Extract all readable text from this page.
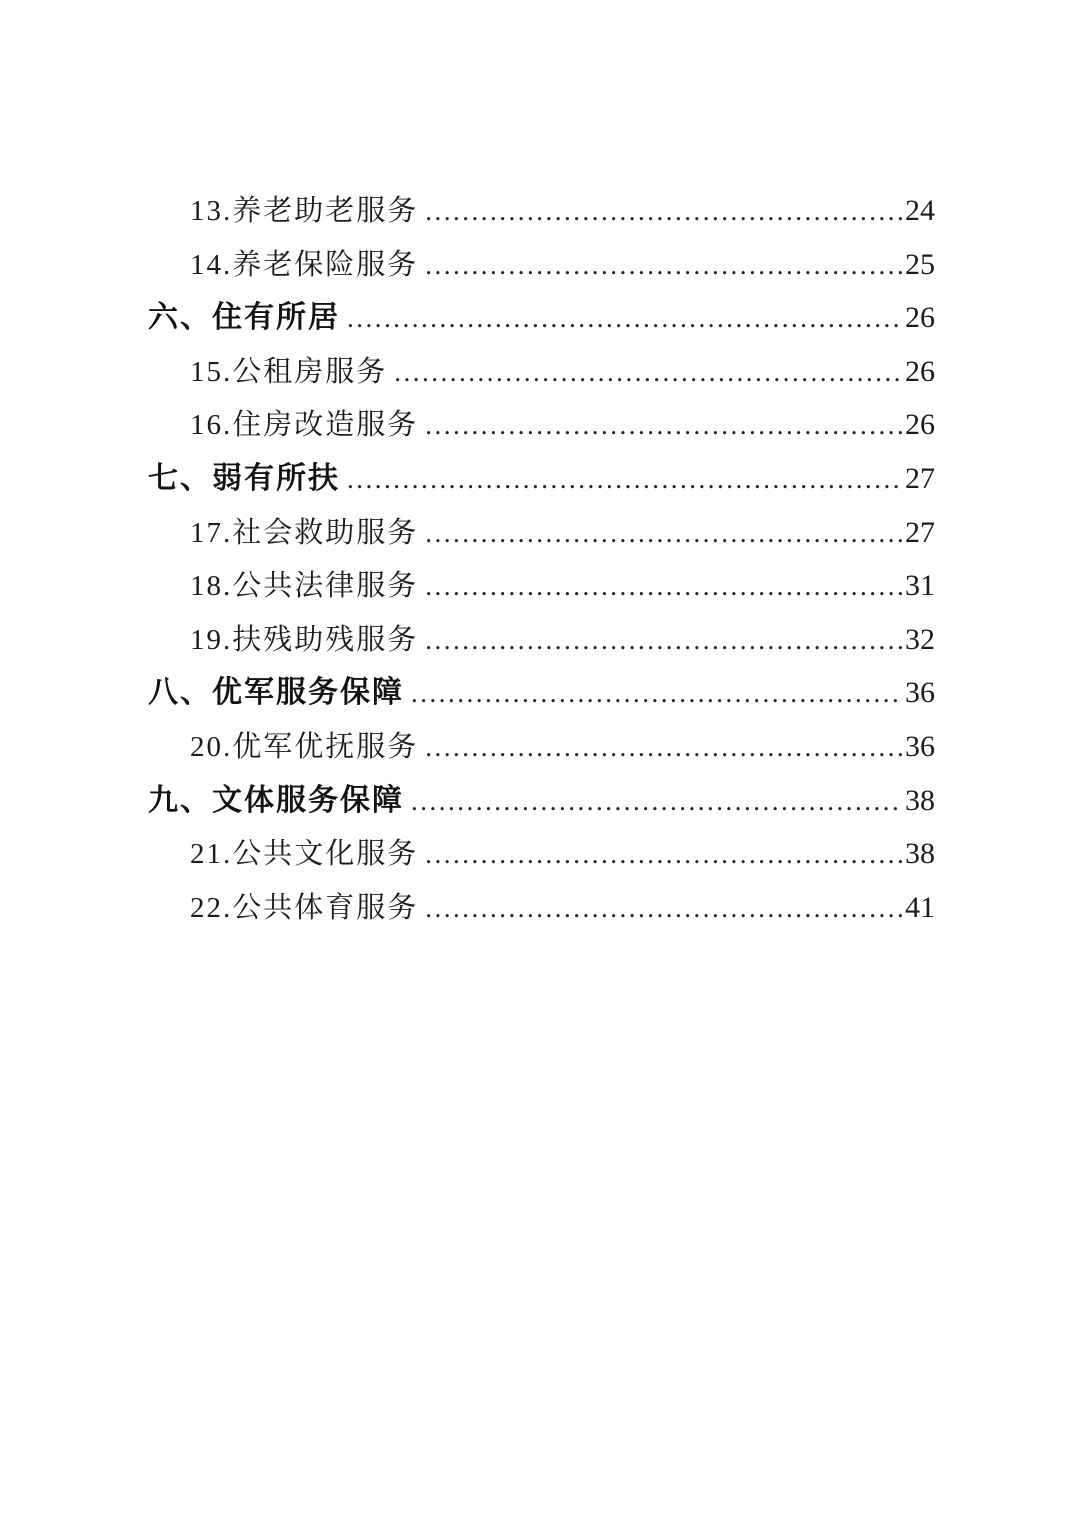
13.养老助老服务 .....	24
14.养老保险服务 .....	25
六、住有所居 .....	26
15.公租房服务 .....	26
16.住房改造服务 .....	26
七、弱有所扶 .....	27
17.社会救助服务 .....	27
18.公共法律服务 .....	31
19.扶残助残服务 .....	32
八、优军服务保障 .....	36
20.优军优抚服务 .....	36
九、文体服务保障 .....	38
21.公共文化服务 .....	38
22.公共体育服务 .....	41
